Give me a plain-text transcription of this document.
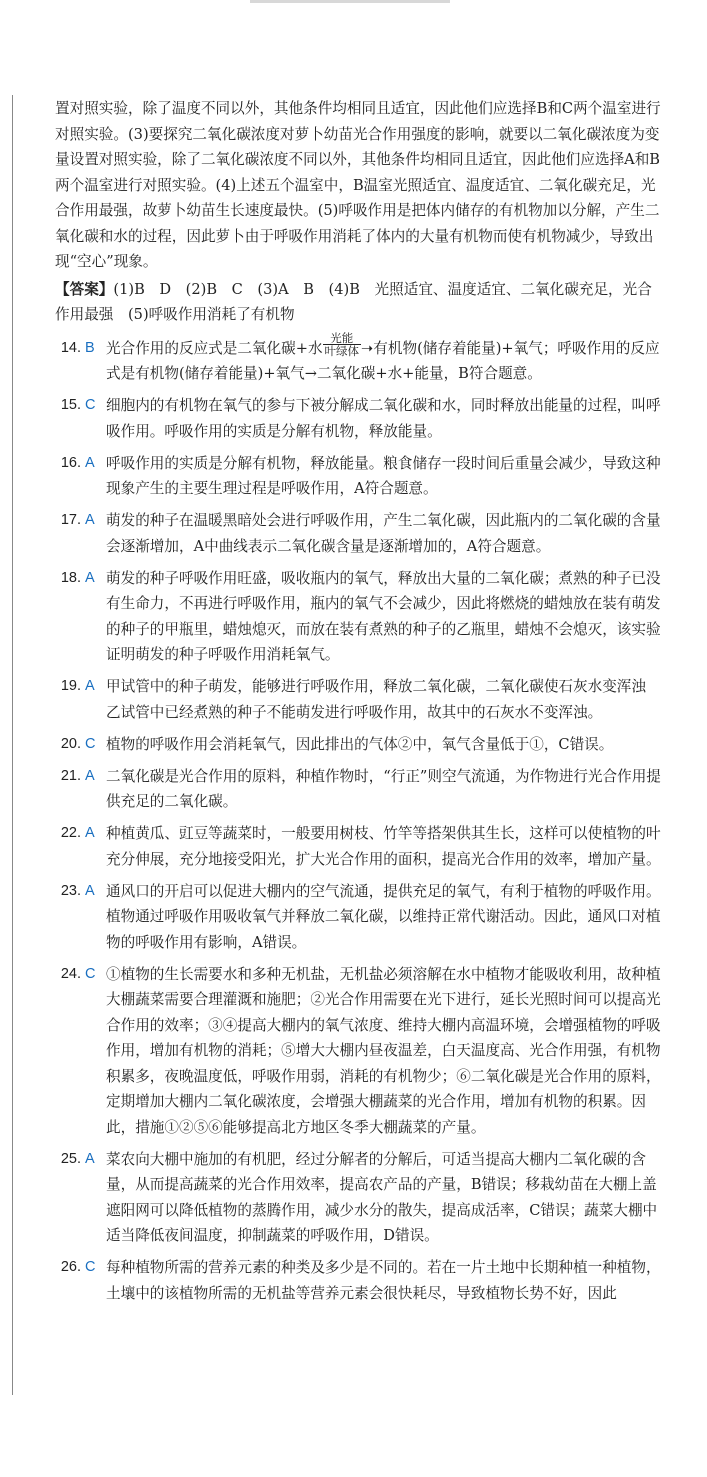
置对照实验，除了温度不同以外，其他条件均相同且适宜，因此他们应选择B和C两个温室进行对照实验。(3)要探究二氧化碳浓度对萝卜幼苗光合作用强度的影响，就要以二氧化碳浓度为变量设置对照实验，除了二氧化碳浓度不同以外，其他条件均相同且适宜，因此他们应选择A和B两个温室进行对照实验。(4)上述五个温室中，B温室光照适宜、温度适宜、二氧化碳充足，光合作用最强，故萝卜幼苗生长速度最快。(5)呼吸作用是把体内储存的有机物加以分解，产生二氧化碳和水的过程，因此萝卜由于呼吸作用消耗了体内的大量有机物而使有机物减少，导致出现“空心”现象。

【答案】(1)B　D　(2)B　C　(3)A　B　(4)B　光照适宜、温度适宜、二氧化碳充足，光合作用最强　(5)呼吸作用消耗了有机物
14. B 光合作用的反应式是二氧化碳+水
光能
叶绿体 ➝有机物(储存着能量)+氧气；呼吸作用的反应式是有机物(储存着能量)+氧气→二氧化碳+水+能量，B符合题意。
15. C 细胞内的有机物在氧气的参与下被分解成二氧化碳和水，同时释放出能量的过程，叫呼吸作用。呼吸作用的实质是分解有机物，释放能量。
16. A 呼吸作用的实质是分解有机物，释放能量。粮食储存一段时间后重量会减少，导致这种现象产生的主要生理过程是呼吸作用，A符合题意。
17. A 萌发的种子在温暖黑暗处会进行呼吸作用，产生二氧化碳，因此瓶内的二氧化碳的含量会逐渐增加，A中曲线表示二氧化碳含量是逐渐增加的，A符合题意。
18. A 萌发的种子呼吸作用旺盛，吸收瓶内的氧气，释放出大量的二氧化碳；煮熟的种子已没有生命力，不再进行呼吸作用，瓶内的氧气不会减少，因此将燃烧的蜡烛放在装有萌发的种子的甲瓶里，蜡烛熄灭，而放在装有煮熟的种子的乙瓶里，蜡烛不会熄灭，该实验证明萌发的种子呼吸作用消耗氧气。
19. A 甲试管中的种子萌发，能够进行呼吸作用，释放二氧化碳，二氧化碳使石灰水变浑浊　乙试管中已经煮熟的种子不能萌发进行呼吸作用，故其中的石灰水不变浑浊。
20. C 植物的呼吸作用会消耗氧气，因此排出的气体②中，氧气含量低于①，C错误。
21. A 二氧化碳是光合作用的原料，种植作物时，“行正”则空气流通，为作物进行光合作用提供充足的二氧化碳。
22. A 种植黄瓜、豇豆等蔬菜时，一般要用树枝、竹竿等搭架供其生长，这样可以使植物的叶充分伸展，充分地接受阳光，扩大光合作用的面积，提高光合作用的效率，增加产量。
23. A 通风口的开启可以促进大棚内的空气流通，提供充足的氧气，有利于植物的呼吸作用。植物通过呼吸作用吸收氧气并释放二氧化碳，以维持正常代谢活动。因此，通风口对植物的呼吸作用有影响，A错误。
24. C ①植物的生长需要水和多种无机盐，无机盐必须溶解在水中植物才能吸收利用，故种植大棚蔬菜需要合理灌溉和施肥；②光合作用需要在光下进行，延长光照时间可以提高光合作用的效率；③④提高大棚内的氧气浓度、维持大棚内高温环境，会增强植物的呼吸作用，增加有机物的消耗；⑤增大大棚内昼夜温差，白天温度高、光合作用强，有机物积累多，夜晚温度低，呼吸作用弱，消耗的有机物少；⑥二氧化碳是光合作用的原料，定期增加大棚内二氧化碳浓度，会增强大棚蔬菜的光合作用，增加有机物的积累。因此，措施①②⑤⑥能够提高北方地区冬季大棚蔬菜的产量。
25. A 菜农向大棚中施加的有机肥，经过分解者的分解后，可适当提高大棚内二氧化碳的含量，从而提高蔬菜的光合作用效率，提高农产品的产量，B错误；移栽幼苗在大棚上盖遮阳网可以降低植物的蒸腾作用，减少水分的散失，提高成活率，C错误；蔬菜大棚中适当降低夜间温度，抑制蔬菜的呼吸作用，D错误。
26. C 每种植物所需的营养元素的种类及多少是不同的。若在一片土地中长期种植一种植物，土壤中的该植物所需的无机盐等营养元素会很快耗尽，导致植物长势不好，因此
